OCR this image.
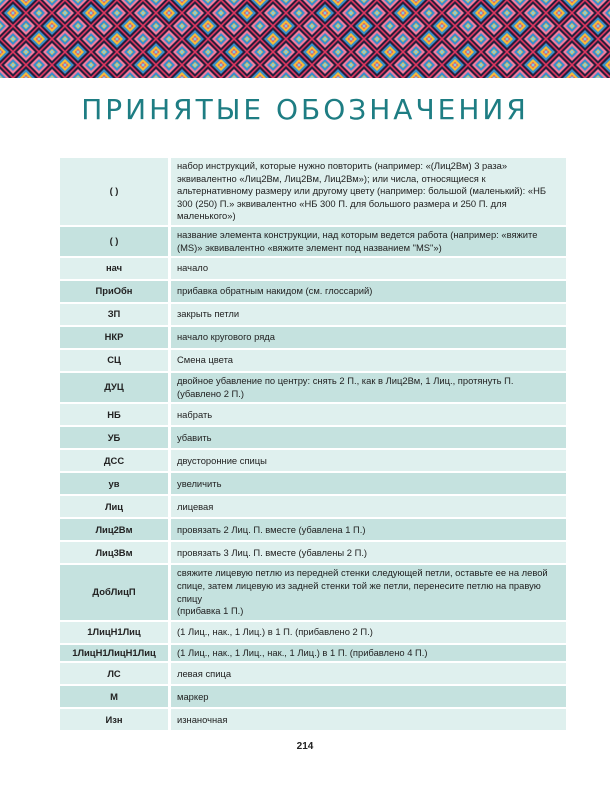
ПРИНЯТЫЕ ОБОЗНАЧЕНИЯ
( )	набор инструкций, которые нужно повторить (например: «(Лиц2Вм) 3 раза» эквивалентно «Лиц2Вм, Лиц2Вм, Лиц2Вм»); или числа, относящиеся к альтернативному размеру или другому цвету (например: большой (маленький): «НБ 300 (250) П.» эквивалентно «НБ 300 П. для большого размера и 250 П. для маленького»)
( )	название элемента конструкции, над которым ведется работа (например: «вяжите (MS)» эквивалентно «вяжите элемент под названием "MS"»)
нач	начало
ПриОбн	прибавка обратным накидом (см. глоссарий)
ЗП	закрыть петли
НКР	начало кругового ряда
СЦ	Смена цвета
ДУЦ	двойное убавление по центру: снять 2 П., как в Лиц2Вм, 1 Лиц., протянуть П. (убавлено 2 П.)
НБ	набрать
УБ	убавить
ДСС	двусторонние спицы
ув	увеличить
Лиц	лицевая
Лиц2Вм	провязать 2 Лиц. П. вместе (убавлена 1 П.)
Лиц3Вм	провязать 3 Лиц. П. вместе (убавлены 2 П.)
ДобЛицП	свяжите лицевую петлю из передней стенки следующей петли, оставьте ее на левой спице, затем лицевую из задней стенки той же петли, перенесите петлю на правую спицу
(прибавка 1 П.)
1ЛицН1Лиц	(1 Лиц., нак., 1 Лиц.) в 1 П. (прибавлено 2 П.)
1ЛицН1ЛицН1Лиц	(1 Лиц., нак., 1 Лиц., нак., 1 Лиц.) в 1 П. (прибавлено 4 П.)
ЛС	левая спица
М	маркер
Изн	изнаночная
214
